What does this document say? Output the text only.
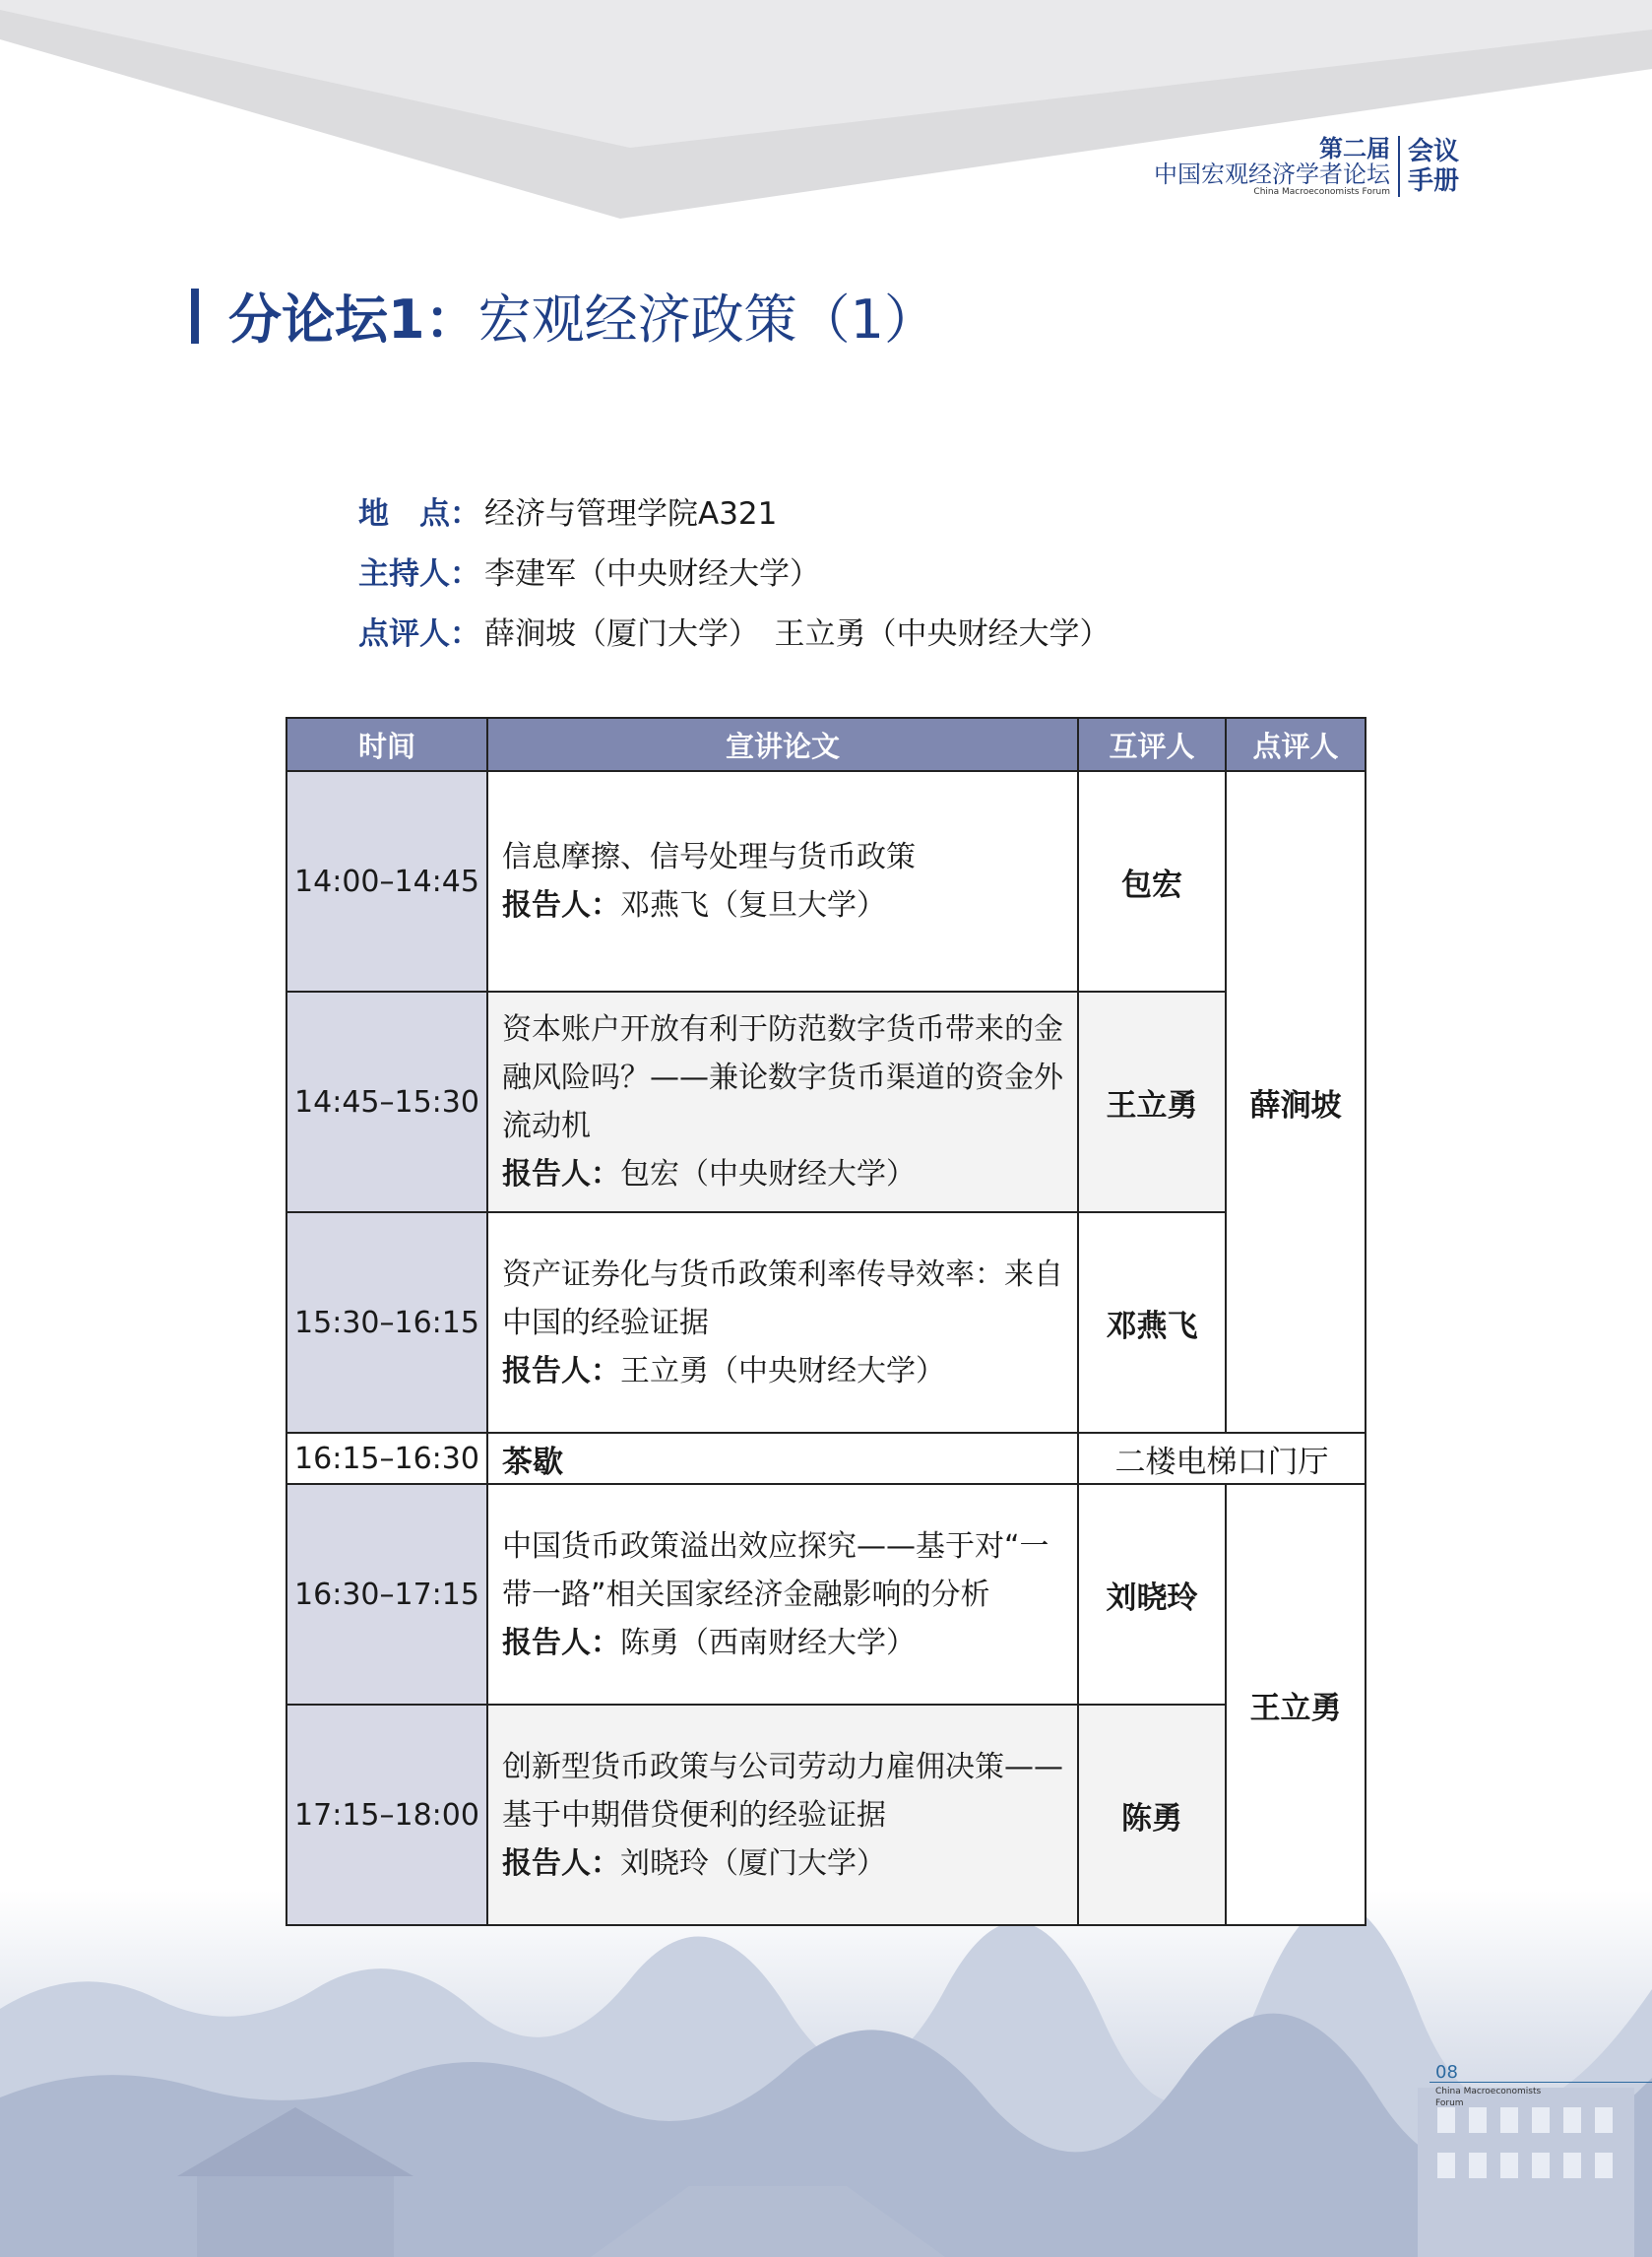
第二届
中国宏观经济学者论坛
China Macroeconomists Forum
会议手册
分论坛1： 宏观经济政策（1）
地　点： 经济与管理学院A321
主持人： 李建军（中央财经大学）
点评人： 薛涧坡（厦门大学）　王立勇（中央财经大学）
时间	宣讲论文	互评人	点评人
14:00–14:45	信息摩擦、信号处理与货币政策
报告人：邓燕飞（复旦大学）	包宏	薛涧坡
14:45–15:30	资本账户开放有利于防范数字货币带来的金融风险吗？——兼论数字货币渠道的资金外流动机
报告人：包宏（中央财经大学）	王立勇	
15:30–16:15	资产证券化与货币政策利率传导效率：来自中国的经验证据
报告人：王立勇（中央财经大学）	邓燕飞	
16:15–16:30	茶歇	二楼电梯口门厅	
16:30–17:15	中国货币政策溢出效应探究——基于对“一带一路”相关国家经济金融影响的分析
报告人：陈勇（西南财经大学）	刘晓玲	王立勇
17:15–18:00	创新型货币政策与公司劳动力雇佣决策——基于中期借贷便利的经验证据
报告人：刘晓玲（厦门大学）	陈勇	
08
China Macroeconomists Forum
